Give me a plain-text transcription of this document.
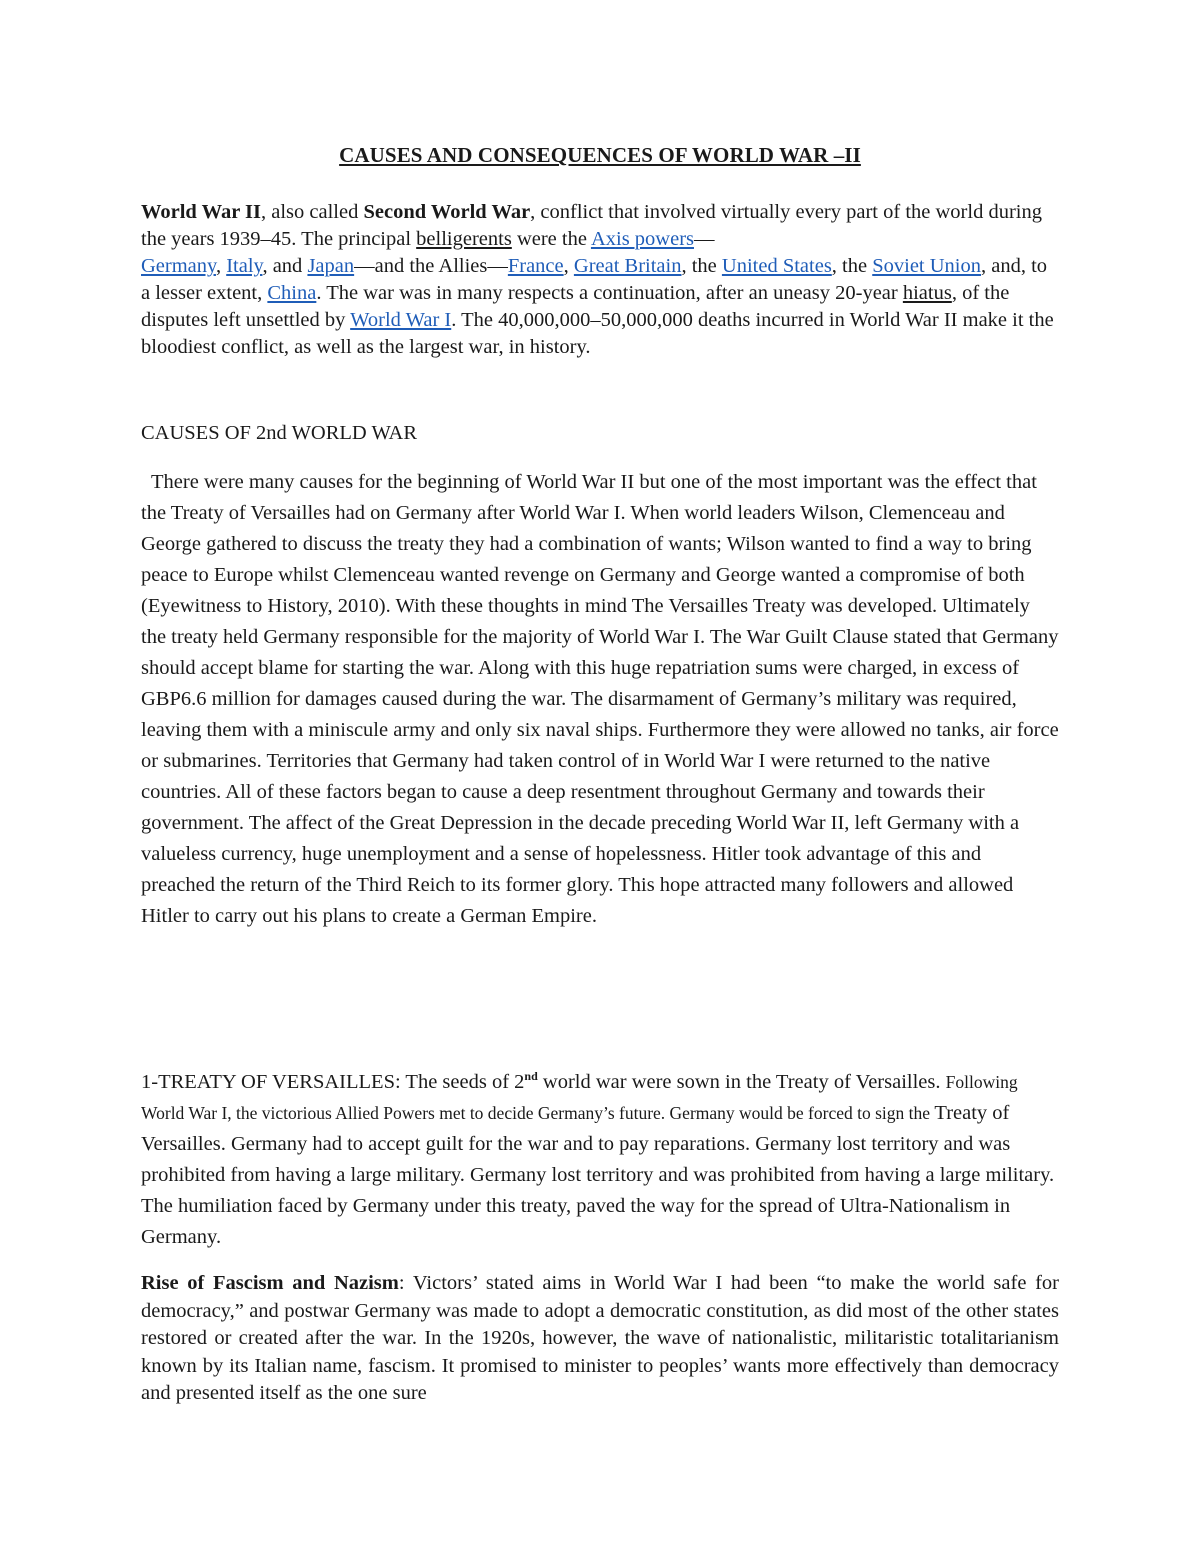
CAUSES AND CONSEQUENCES OF WORLD WAR –II

World War II, also called Second World War, conflict that involved virtually every part of the world during the years 1939–45. The principal belligerents were the Axis powers—
Germany, Italy, and Japan—and the Allies—France, Great Britain, the United States, the Soviet Union, and, to a lesser extent, China. The war was in many respects a continuation, after an uneasy 20-year hiatus, of the disputes left unsettled by World War I. The 40,000,000–50,000,000 deaths incurred in World War II make it the bloodiest conflict, as well as the largest war, in history.

CAUSES OF 2nd WORLD WAR

There were many causes for the beginning of World War II but one of the most important was the effect that the Treaty of Versailles had on Germany after World War I. When world leaders Wilson, Clemenceau and George gathered to discuss the treaty they had a combination of wants; Wilson wanted to find a way to bring peace to Europe whilst Clemenceau wanted revenge on Germany and George wanted a compromise of both (Eyewitness to History, 2010). With these thoughts in mind The Versailles Treaty was developed. Ultimately the treaty held Germany responsible for the majority of World War I. The War Guilt Clause stated that Germany should accept blame for starting the war. Along with this huge repatriation sums were charged, in excess of GBP6.6 million for damages caused during the war. The disarmament of Germany’s military was required, leaving them with a miniscule army and only six naval ships. Furthermore they were allowed no tanks, air force or submarines. Territories that Germany had taken control of in World War I were returned to the native countries. All of these factors began to cause a deep resentment throughout Germany and towards their government. The affect of the Great Depression in the decade preceding World War II, left Germany with a valueless currency, huge unemployment and a sense of hopelessness. Hitler took advantage of this and preached the return of the Third Reich to its former glory. This hope attracted many followers and allowed Hitler to carry out his plans to create a German Empire.

1-TREATY OF VERSAILLES: The seeds of 2nd world war were sown in the Treaty of Versailles. Following World War I, the victorious Allied Powers met to decide Germany’s future. Germany would be forced to sign the Treaty of Versailles. Germany had to accept guilt for the war and to pay reparations. Germany lost territory and was prohibited from having a large military. Germany lost territory and was prohibited from having a large military. The humiliation faced by Germany under this treaty, paved the way for the spread of Ultra-Nationalism in Germany.

Rise of Fascism and Nazism: Victors’ stated aims in World War I had been “to make the world safe for democracy,” and postwar Germany was made to adopt a democratic constitution, as did most of the other states restored or created after the war. In the 1920s, however, the wave of nationalistic, militaristic totalitarianism known by its Italian name, fascism. It promised to minister to peoples’ wants more effectively than democracy and presented itself as the one sure
